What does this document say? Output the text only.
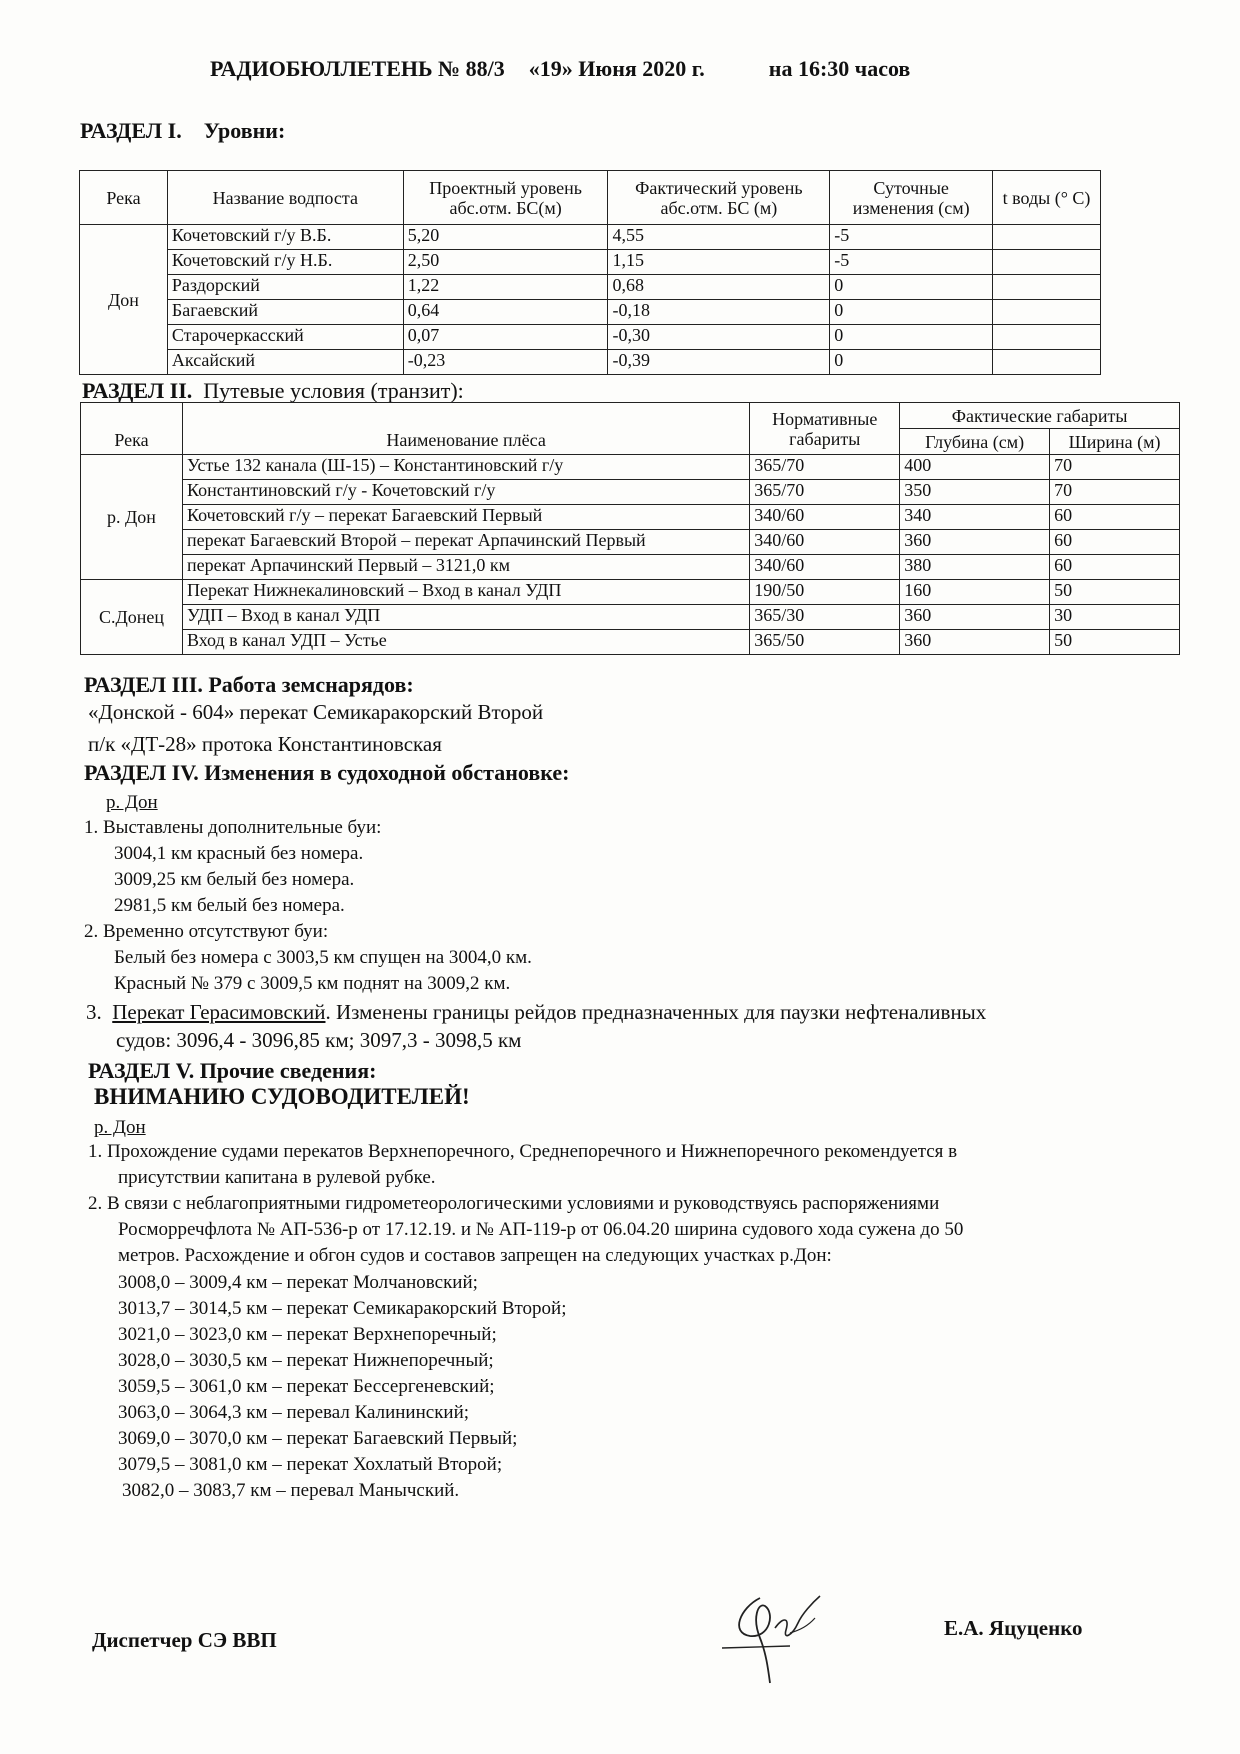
РАДИОБЮЛЛЕТЕНЬ № 88/3 «19» Июня 2020 г.	на 16:30 часов
РАЗДЕЛ I. Уровни:
Река	Название водпоста	Проектный уровень абс.отм. БС(м)	Фактический уровень абс.отм. БС (м)	Суточные изменения (см)	t воды (° С)
Дон	Кочетовский г/у В.Б.	5,20	4,55	-5	
	Кочетовский г/у Н.Б.	2,50	1,15	-5	
	Раздорский	1,22	0,68	0	
	Багаевский	0,64	-0,18	0	
	Старочеркасский	0,07	-0,30	0	
	Аксайский	-0,23	-0,39	0	
РАЗДЕЛ II. Путевые условия (транзит):
Река	Наименование плёса	Нормативные габариты	Фактические габариты	
			Глубина (см)	Ширина (м)
р. Дон	Устье 132 канала (Ш-15) – Константиновский г/у	365/70	400	70
	Константиновский г/у - Кочетовский г/у	365/70	350	70
	Кочетовский г/у – перекат Багаевский Первый	340/60	340	60
	перекат Багаевский Второй – перекат Арпачинский Первый	340/60	360	60
	перекат Арпачинский Первый – 3121,0 км	340/60	380	60
С.Донец	Перекат Нижнекалиновский – Вход в канал УДП	190/50	160	50
	УДП – Вход в канал УДП	365/30	360	30
	Вход в канал УДП – Устье	365/50	360	50
РАЗДЕЛ III. Работа земснарядов:
«Донской - 604» перекат Семикаракорский Второй
п/к «ДТ-28» протока Константиновская
РАЗДЕЛ IV. Изменения в судоходной обстановке:
р. Дон
1. Выставлены дополнительные буи:
3004,1 км красный без номера.
3009,25 км белый без номера.
2981,5 км белый без номера.
2. Временно отсутствуют буи:
Белый без номера с 3003,5 км спущен на 3004,0 км.
Красный № 379 с 3009,5 км поднят на 3009,2 км.
3. Перекат Герасимовский. Изменены границы рейдов предназначенных для паузки нефтеналивных
судов: 3096,4 - 3096,85 км; 3097,3 - 3098,5 км
РАЗДЕЛ V. Прочие сведения:
ВНИМАНИЮ СУДОВОДИТЕЛЕЙ!
р. Дон
1. Прохождение судами перекатов Верхнепоречного, Среднепоречного и Нижнепоречного рекомендуется в
присутствии капитана в рулевой рубке.
2. В связи с неблагоприятными гидрометеорологическими условиями и руководствуясь распоряжениями
Росморречфлота № АП-536-р от 17.12.19. и № АП-119-р от 06.04.20 ширина судового хода сужена до 50
метров. Расхождение и обгон судов и составов запрещен на следующих участках р.Дон:
3008,0 – 3009,4 км – перекат Молчановский;
3013,7 – 3014,5 км – перекат Семикаракорский Второй;
3021,0 – 3023,0 км – перекат Верхнепоречный;
3028,0 – 3030,5 км – перекат Нижнепоречный;
3059,5 – 3061,0 км – перекат Бессергеневский;
3063,0 – 3064,3 км – перевал Калининский;
3069,0 – 3070,0 км – перекат Багаевский Первый;
3079,5 – 3081,0 км – перекат Хохлатый Второй;
3082,0 – 3083,7 км – перевал Манычский.
Диспетчер СЭ ВВП	Е.А. Яцуценко
